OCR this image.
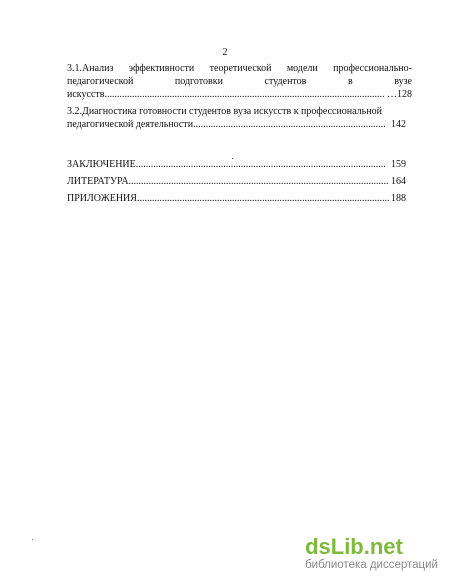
2
3.1.Анализ эффективности теоретической модели профессионально-
педагогической	подготовки	студентов	в	вузе
искусств .....	…128
3.2.Диагностика готовности студентов вуза искусств к профессиональной
педагогической деятельности .....	142
ЗАКЛЮЧЕНИЕ .....	159
ЛИТЕРАТУРА .....	164
ПРИЛОЖЕНИЯ .....	188
dsLib.net
библиотека диссертаций
